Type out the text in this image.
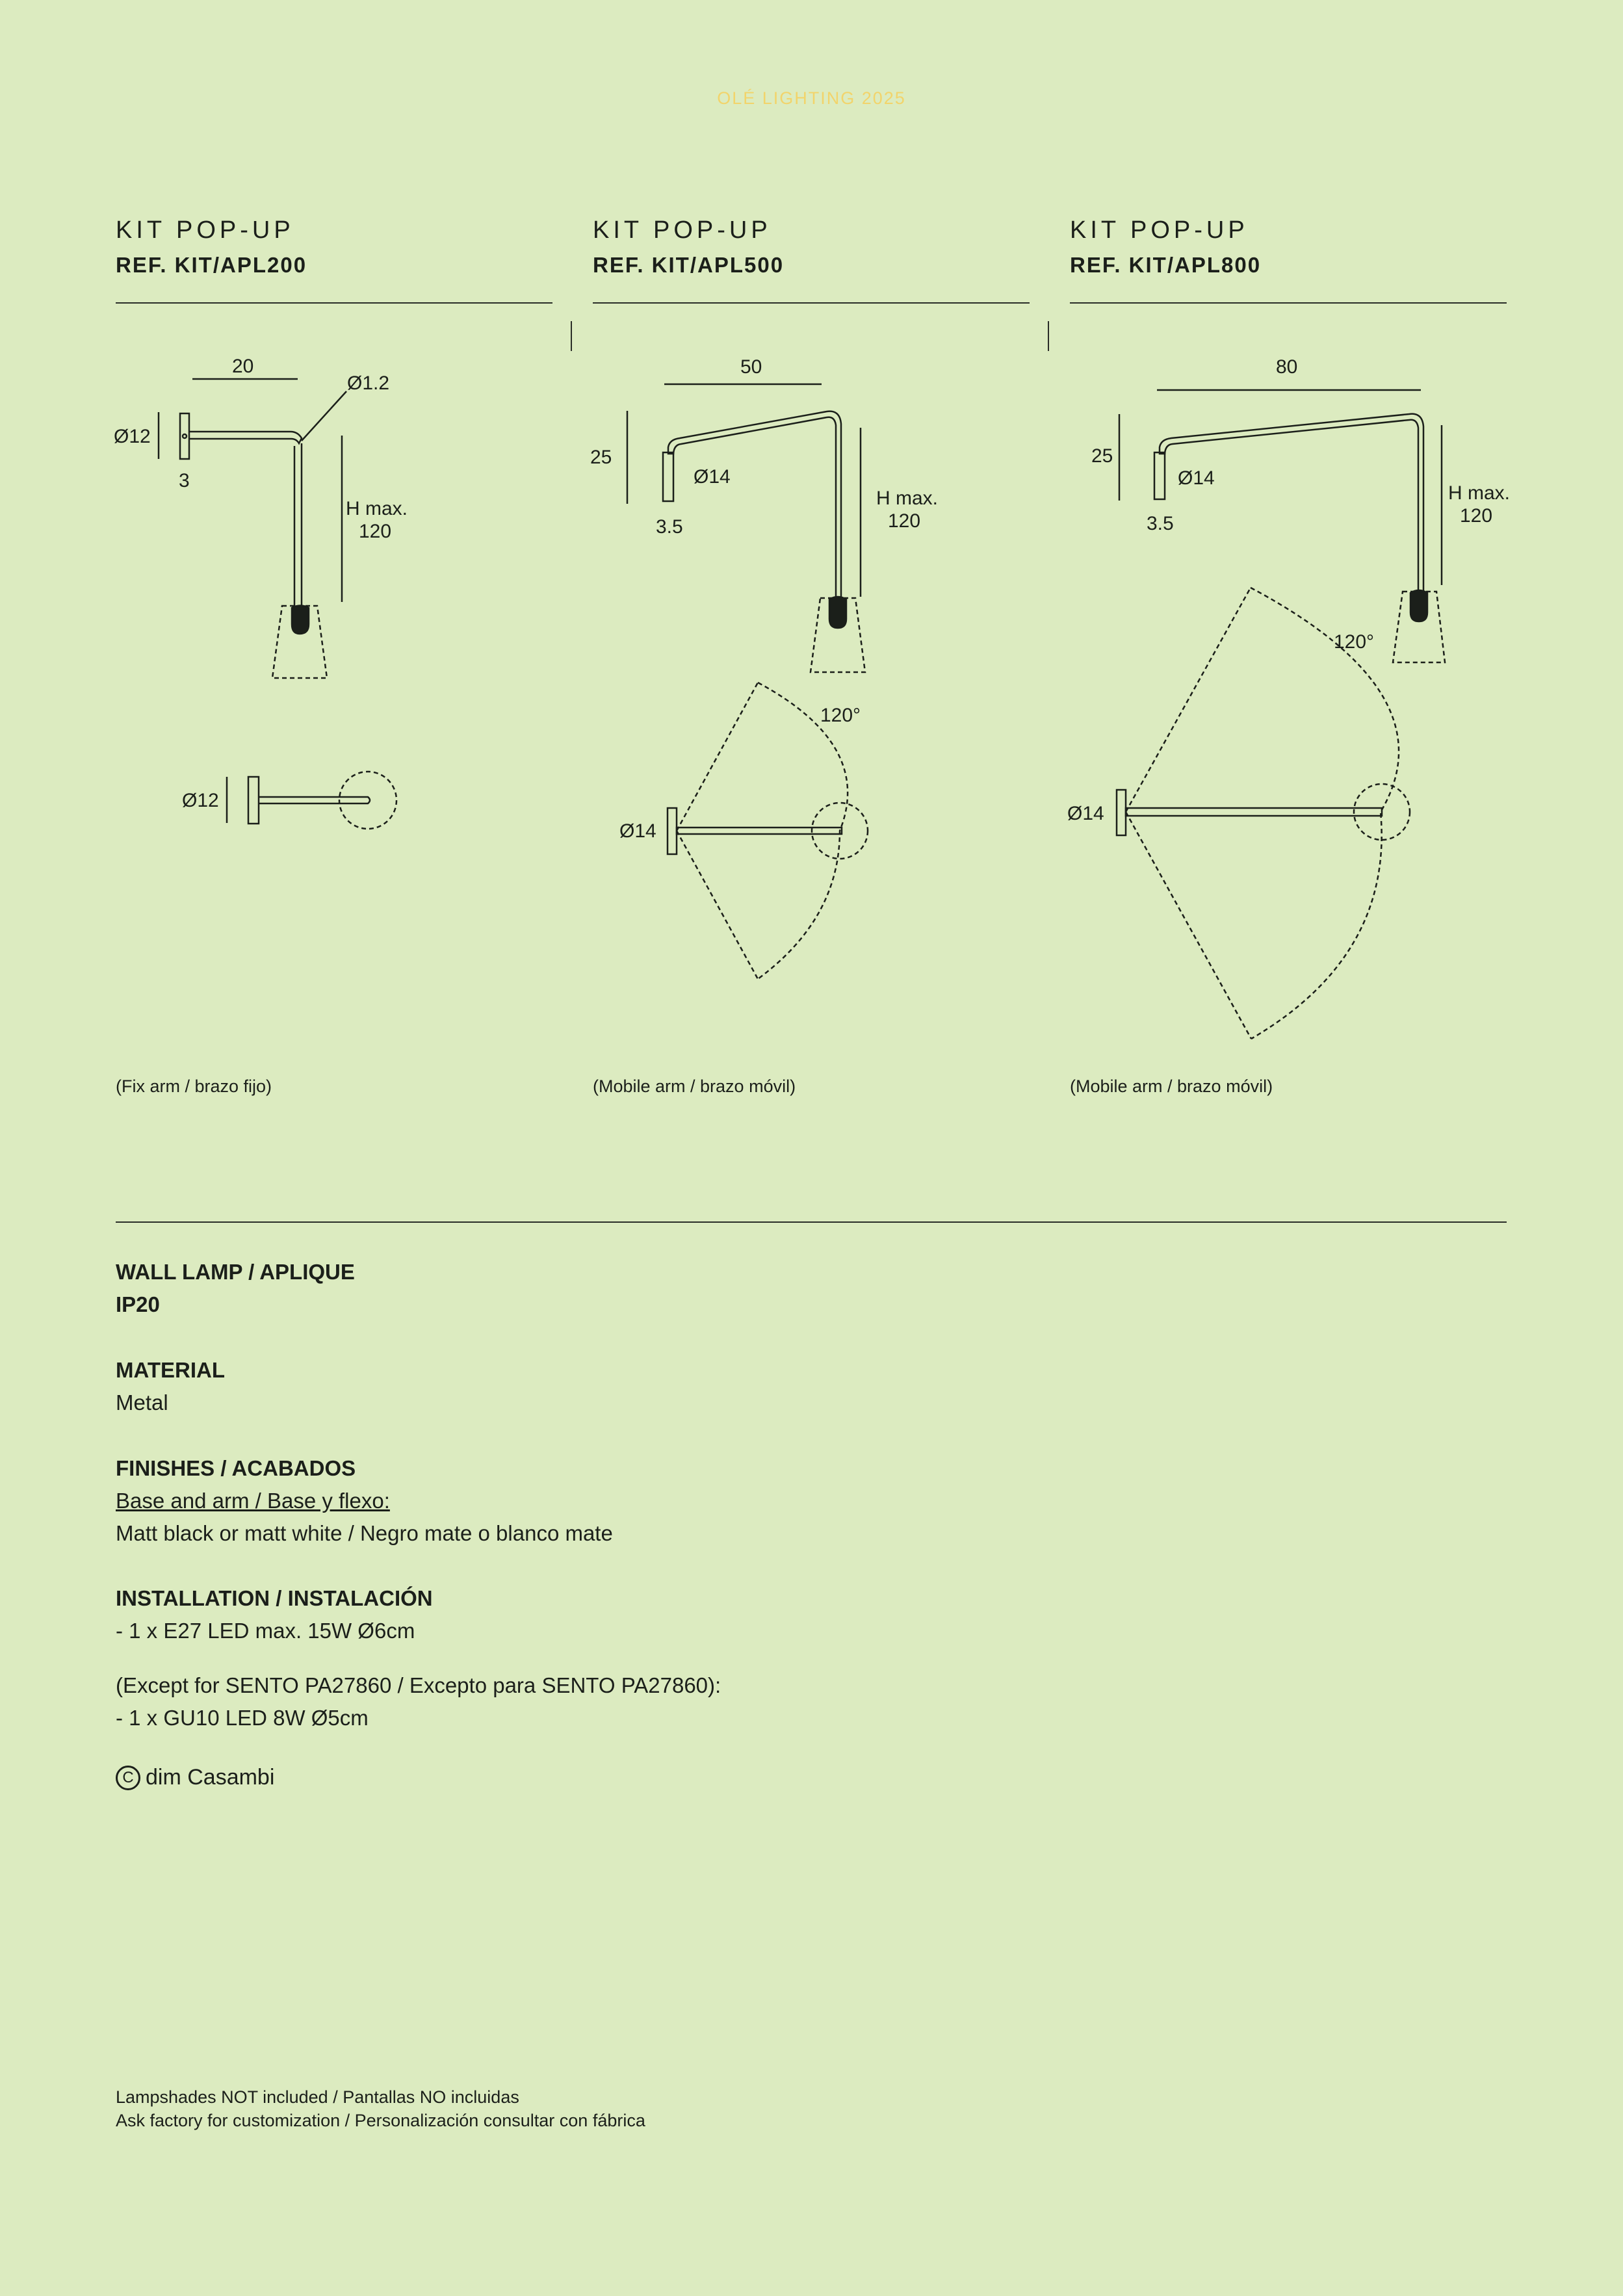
OLÉ LIGHTING 2025
KIT POP-UP
REF. KIT/APL200
KIT POP-UP
REF. KIT/APL500
KIT POP-UP
REF. KIT/APL800
20
Ø1.2
Ø12
3
H max.
120
Ø12
50
25
Ø14
3.5
H max.
120
120°
Ø14
80
25
Ø14
3.5
H max.
120
120°
Ø14
(Fix arm / brazo fijo)	(Mobile arm / brazo móvil)	(Mobile arm / brazo móvil)
WALL LAMP / APLIQUE
IP20
MATERIAL
Metal
FINISHES / ACABADOS
Base and arm / Base y flexo:
Matt black or matt white / Negro mate o blanco mate
INSTALLATION / INSTALACIÓN
- 1 x E27 LED max. 15W Ø6cm
(Except for SENTO PA27860 / Excepto para SENTO PA27860):
- 1 x GU10 LED 8W Ø5cm
C dim Casambi
Lampshades NOT included / Pantallas NO incluidas
Ask factory for customization / Personalización consultar con fábrica
